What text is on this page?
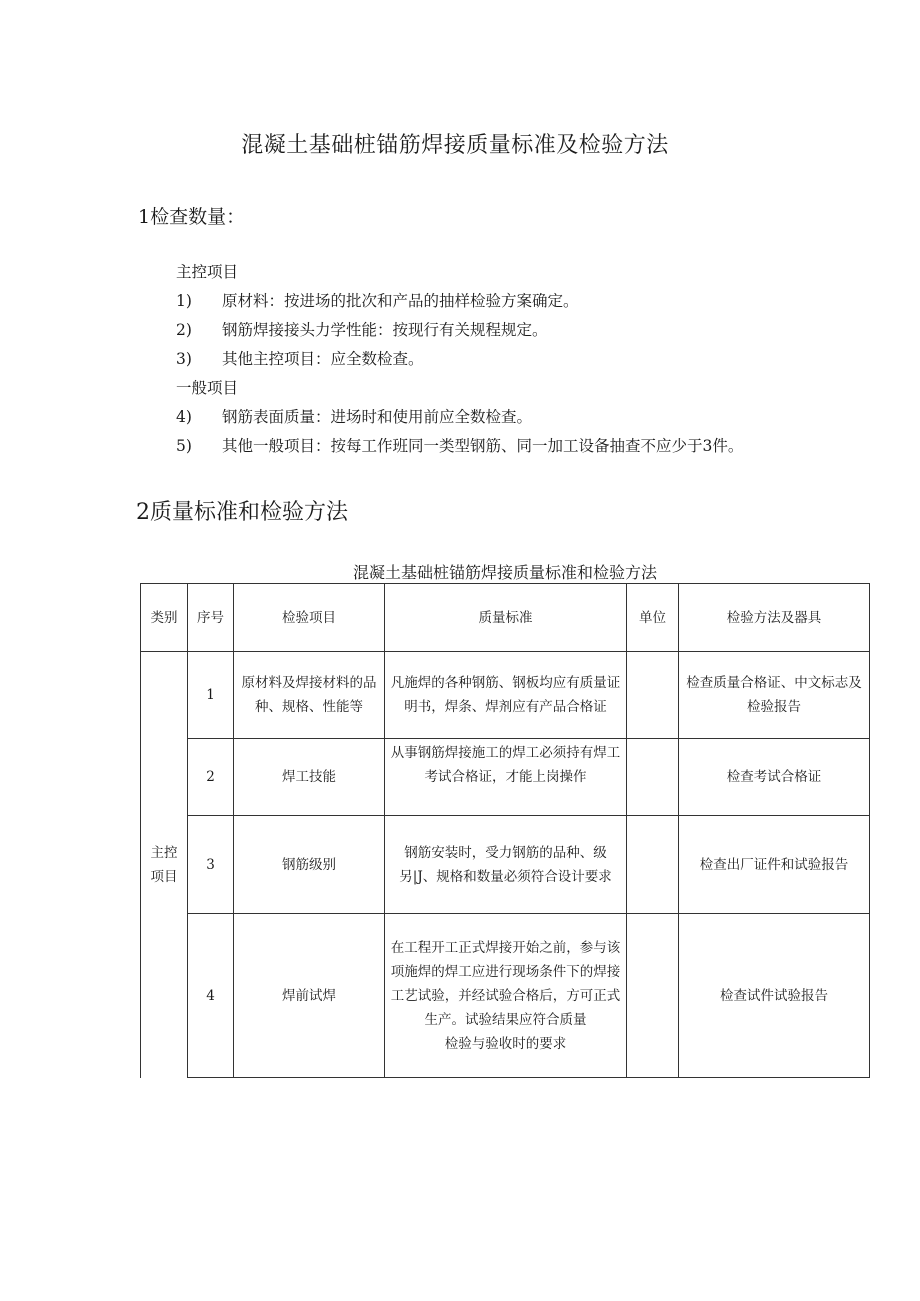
混凝土基础桩锚筋焊接质量标准及检验方法
1检查数量：
主控项目
1) 原材料：按进场的批次和产品的抽样检验方案确定。
2) 钢筋焊接接头力学性能：按现行有关规程规定。
3) 其他主控项目：应全数检查。
一般项目
4) 钢筋表面质量：进场时和使用前应全数检查。
5) 其他一般项目：按每工作班同一类型钢筋、同一加工设备抽查不应少于3件。
2质量标准和检验方法
混凝土基础桩锚筋焊接质量标准和检验方法
类别	序号	检验项目	质量标准	单位	检验方法及器具
主控项目	1	原材料及焊接材料的品种、规格、性能等	凡施焊的各种钢筋、钢板均应有质量证明书，焊条、焊剂应有产品合格证		检查质量合格证、中文标志及检验报告
	2	焊工技能	从事钢筋焊接施工的焊工必须持有焊工考试合格证，才能上岗操作		检查考试合格证
	3	钢筋级别	钢筋安装时，受力钢筋的品种、级另|J、规格和数量必须符合设计要求		检查出厂证件和试验报告
	4	焊前试焊	在工程开工正式焊接开始之前，参与该项施焊的焊工应进行现场条件下的焊接工艺试验，并经试验合格后，方可正式生产。试验结果应符合质量
检验与验收时的要求		检查试件试验报告
